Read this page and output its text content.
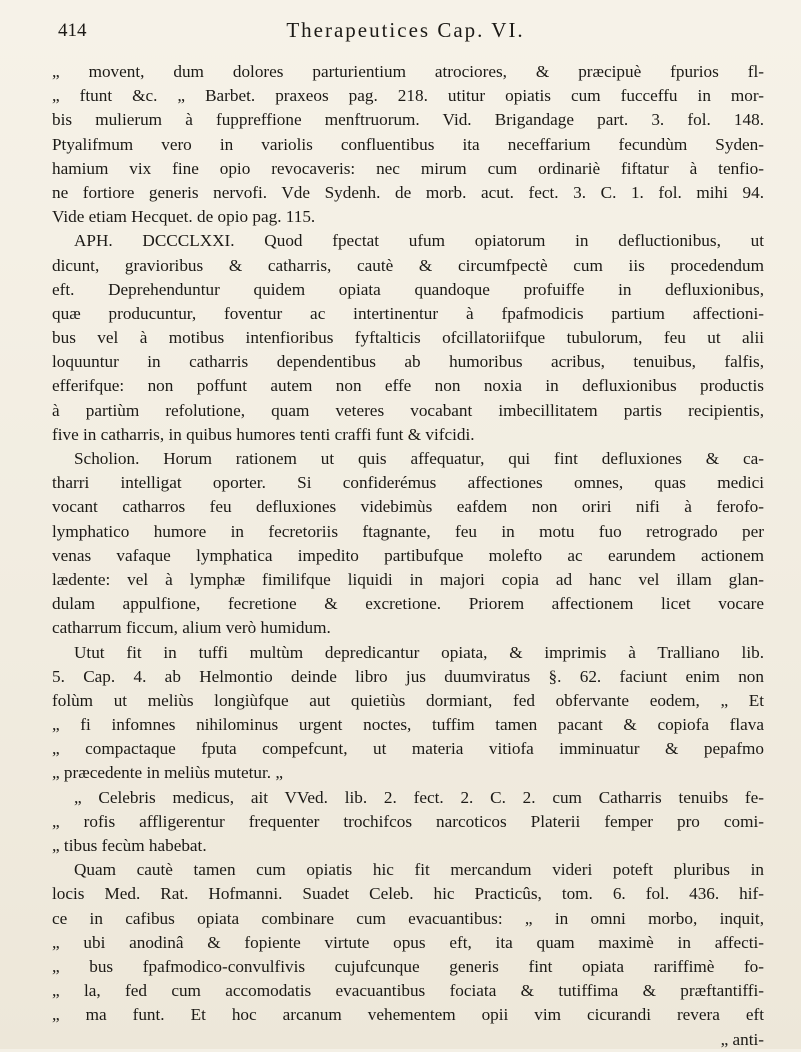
414	Therapeutices Cap. VI.
„ movent, dum dolores parturientium atrociores, & præcipuè fpurios fl-
„ ftunt &c. „ Barbet. praxeos pag. 218. utitur opiatis cum fucceffu in mor-
bis mulierum à fuppreffione menftruorum. Vid. Brigandage part. 3. fol. 148.
Ptyalifmum vero in variolis confluentibus ita neceffarium fecundùm Syden-
hamium vix fine opio revocaveris: nec mirum cum ordinariè fiftatur à tenfio-
ne fortiore generis nervofi. Vde Sydenh. de morb. acut. fect. 3. C. 1. fol. mihi 94.
Vide etiam Hecquet. de opio pag. 115.
APH. DCCCLXXI. Quod fpectat ufum opiatorum in defluctionibus, ut
dicunt, gravioribus & catharris, cautè & circumfpectè cum iis procedendum
eft. Deprehenduntur quidem opiata quandoque profuiffe in defluxionibus,
quæ producuntur, foventur ac intertinentur à fpafmodicis partium affectioni-
bus vel à motibus intenfioribus fyftalticis ofcillatoriifque tubulorum, feu ut alii
loquuntur in catharris dependentibus ab humoribus acribus, tenuibus, falfis,
efferifque: non poffunt autem non effe non noxia in defluxionibus productis
à partiùm refolutione, quam veteres vocabant imbecillitatem partis recipientis,
five in catharris, in quibus humores tenti craffi funt & vifcidi.
Scholion. Horum rationem ut quis affequatur, qui fint defluxiones & ca-
tharri intelligat oporter. Si confiderémus affectiones omnes, quas medici
vocant catharros feu defluxiones videbimùs eafdem non oriri nifi à ferofo-
lymphatico humore in fecretoriis ftagnante, feu in motu fuo retrogrado per
venas vafaque lymphatica impedito partibufque molefto ac earundem actionem
lædente: vel à lymphæ fimilifque liquidi in majori copia ad hanc vel illam glan-
dulam appulfione, fecretione & excretione. Priorem affectionem licet vocare
catharrum ficcum, alium verò humidum.
Utut fit in tuffi multùm depredicantur opiata, & imprimis à Tralliano lib.
5. Cap. 4. ab Helmontio deinde libro jus duumviratus §. 62. faciunt enim non
folùm ut meliùs longiùfque aut quietiùs dormiant, fed obfervante eodem, „ Et
„ fi infomnes nihilominus urgent noctes, tuffim tamen pacant & copiofa flava
„ compactaque fputa compefcunt, ut materia vitiofa imminuatur & pepafmo
„ præcedente in meliùs mutetur. „
„ Celebris medicus, ait VVed. lib. 2. fect. 2. C. 2. cum Catharris tenuibs fe-
„ rofis affligerentur frequenter trochifcos narcoticos Platerii femper pro comi-
„ tibus fecùm habebat.
Quam cautè tamen cum opiatis hic fit mercandum videri poteft pluribus in
locis Med. Rat. Hofmanni. Suadet Celeb. hic Practicûs, tom. 6. fol. 436. hif-
ce in cafibus opiata combinare cum evacuantibus: „ in omni morbo, inquit,
„ ubi anodinâ & fopiente virtute opus eft, ita quam maximè in affecti-
„ bus fpafmodico-convulfivis cujufcunque generis fint opiata rariffimè fo-
„ la, fed cum accomodatis evacuantibus fociata & tutiffima & præftantiffi-
„ ma funt. Et hoc arcanum vehementem opii vim cicurandi revera eft
„ anti-
